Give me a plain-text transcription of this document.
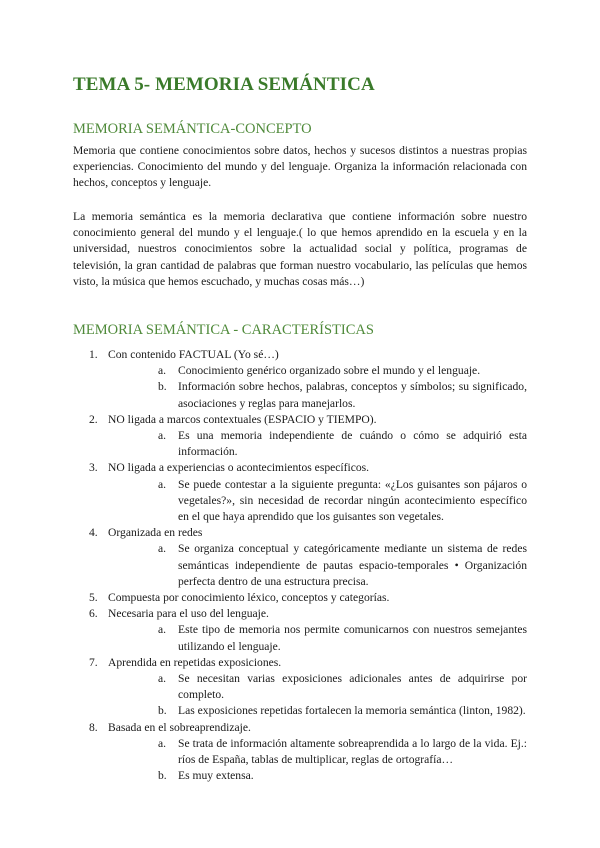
TEMA 5- MEMORIA SEMÁNTICA
MEMORIA SEMÁNTICA-CONCEPTO

Memoria que contiene conocimientos sobre datos, hechos y sucesos distintos a nuestras propias experiencias. Conocimiento del mundo y del lenguaje. Organiza la información relacionada con hechos, conceptos y lenguaje.

La memoria semántica es la memoria declarativa que contiene información sobre nuestro conocimiento general del mundo y el lenguaje.( lo que hemos aprendido en la escuela y en la universidad, nuestros conocimientos sobre la actualidad social y política, programas de televisión, la gran cantidad de palabras que forman nuestro vocabulario, las películas que hemos visto, la música que hemos escuchado, y muchas cosas más…)

MEMORIA SEMÁNTICA - CARACTERÍSTICAS
1. Con contenido FACTUAL (Yo sé…)
a. Conocimiento genérico organizado sobre el mundo y el lenguaje.
b. Información sobre hechos, palabras, conceptos y símbolos; su significado, asociaciones y reglas para manejarlos.
2. NO ligada a marcos contextuales (ESPACIO y TIEMPO).
a. Es una memoria independiente de cuándo o cómo se adquirió esta información.
3. NO ligada a experiencias o acontecimientos específicos.
a. Se puede contestar a la siguiente pregunta: «¿Los guisantes son pájaros o vegetales?», sin necesidad de recordar ningún acontecimiento específico en el que haya aprendido que los guisantes son vegetales.
4. Organizada en redes
a. Se organiza conceptual y categóricamente mediante un sistema de redes semánticas independiente de pautas espacio-temporales • Organización perfecta dentro de una estructura precisa.
5. Compuesta por conocimiento léxico, conceptos y categorías.
6. Necesaria para el uso del lenguaje.
a. Este tipo de memoria nos permite comunicarnos con nuestros semejantes utilizando el lenguaje.
7. Aprendida en repetidas exposiciones.
a. Se necesitan varias exposiciones adicionales antes de adquirirse por completo.
b. Las exposiciones repetidas fortalecen la memoria semántica (linton, 1982).
8. Basada en el sobreaprendizaje.
a. Se trata de información altamente sobreaprendida a lo largo de la vida. Ej.: ríos de España, tablas de multiplicar, reglas de ortografía…
b. Es muy extensa.
